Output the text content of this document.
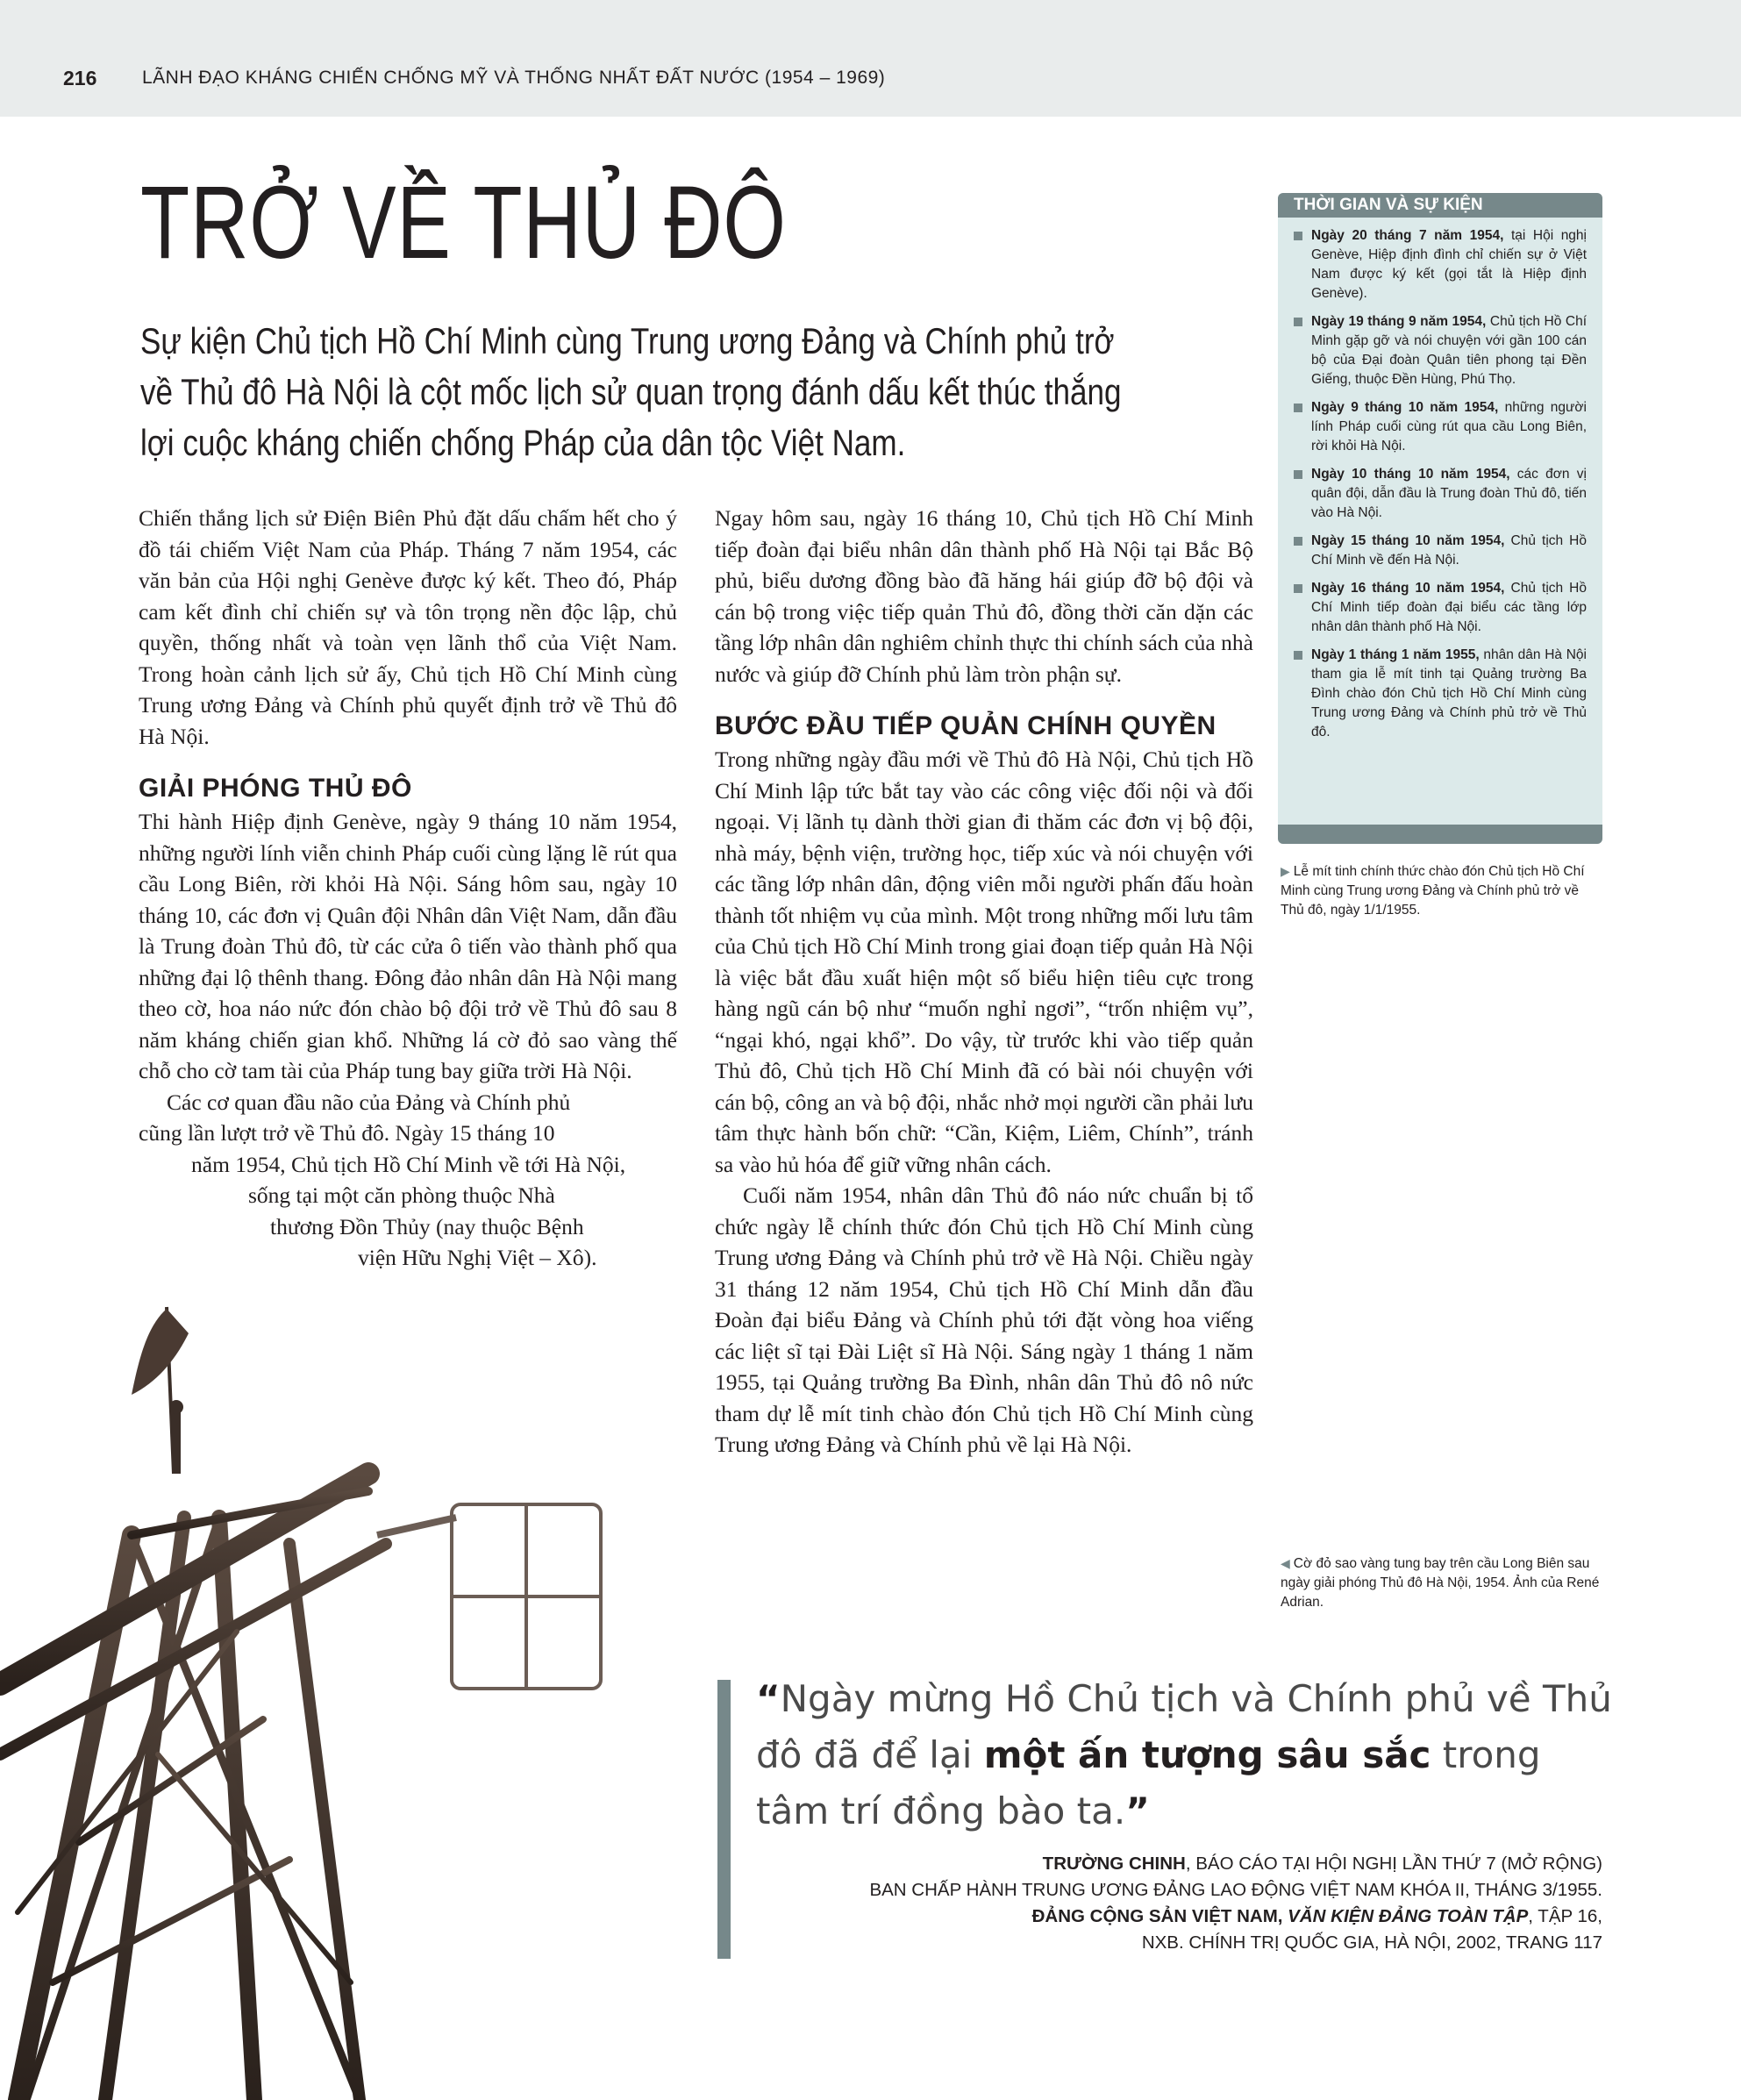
216 LÃNH ĐẠO KHÁNG CHIẾN CHỐNG MỸ VÀ THỐNG NHẤT ĐẤT NƯỚC (1954 – 1969)
TRỞ VỀ THỦ ĐÔ
Sự kiện Chủ tịch Hồ Chí Minh cùng Trung ương Đảng và Chính phủ trở về Thủ đô Hà Nội là cột mốc lịch sử quan trọng đánh dấu kết thúc thắng lợi cuộc kháng chiến chống Pháp của dân tộc Việt Nam.

Chiến thắng lịch sử Điện Biên Phủ đặt dấu chấm hết cho ý đồ tái chiếm Việt Nam của Pháp. Tháng 7 năm 1954, các văn bản của Hội nghị Genève được ký kết. Theo đó, Pháp cam kết đình chỉ chiến sự và tôn trọng nền độc lập, chủ quyền, thống nhất và toàn vẹn lãnh thổ của Việt Nam. Trong hoàn cảnh lịch sử ấy, Chủ tịch Hồ Chí Minh cùng Trung ương Đảng và Chính phủ quyết định trở về Thủ đô Hà Nội.

GIẢI PHÓNG THỦ ĐÔ

Thi hành Hiệp định Genève, ngày 9 tháng 10 năm 1954, những người lính viễn chinh Pháp cuối cùng lặng lẽ rút qua cầu Long Biên, rời khỏi Hà Nội. Sáng hôm sau, ngày 10 tháng 10, các đơn vị Quân đội Nhân dân Việt Nam, dẫn đầu là Trung đoàn Thủ đô, từ các cửa ô tiến vào thành phố qua những đại lộ thênh thang. Đông đảo nhân dân Hà Nội mang theo cờ, hoa náo nức đón chào bộ đội trở về Thủ đô sau 8 năm kháng chiến gian khổ. Những lá cờ đỏ sao vàng thế chỗ cho cờ tam tài của Pháp tung bay giữa trời Hà Nội.

Các cơ quan đầu não của Đảng và Chính phủ

cũng lần lượt trở về Thủ đô. Ngày 15 tháng 10

năm 1954, Chủ tịch Hồ Chí Minh về tới Hà Nội,

sống tại một căn phòng thuộc Nhà

thương Đồn Thủy (nay thuộc Bệnh

viện Hữu Nghị Việt – Xô).

Ngay hôm sau, ngày 16 tháng 10, Chủ tịch Hồ Chí Minh tiếp đoàn đại biểu nhân dân thành phố Hà Nội tại Bắc Bộ phủ, biểu dương đồng bào đã hăng hái giúp đỡ bộ đội và cán bộ trong việc tiếp quản Thủ đô, đồng thời căn dặn các tầng lớp nhân dân nghiêm chỉnh thực thi chính sách của nhà nước và giúp đỡ Chính phủ làm tròn phận sự.

BƯỚC ĐẦU TIẾP QUẢN CHÍNH QUYỀN

Trong những ngày đầu mới về Thủ đô Hà Nội, Chủ tịch Hồ Chí Minh lập tức bắt tay vào các công việc đối nội và đối ngoại. Vị lãnh tụ dành thời gian đi thăm các đơn vị bộ đội, nhà máy, bệnh viện, trường học, tiếp xúc và nói chuyện với các tầng lớp nhân dân, động viên mỗi người phấn đấu hoàn thành tốt nhiệm vụ của mình. Một trong những mối lưu tâm của Chủ tịch Hồ Chí Minh trong giai đoạn tiếp quản Hà Nội là việc bắt đầu xuất hiện một số biểu hiện tiêu cực trong hàng ngũ cán bộ như “muốn nghỉ ngơi”, “trốn nhiệm vụ”, “ngại khó, ngại khổ”. Do vậy, từ trước khi vào tiếp quản Thủ đô, Chủ tịch Hồ Chí Minh đã có bài nói chuyện với cán bộ, công an và bộ đội, nhắc nhở mọi người cần phải lưu tâm thực hành bốn chữ: “Cần, Kiệm, Liêm, Chính”, tránh sa vào hủ hóa để giữ vững nhân cách.

Cuối năm 1954, nhân dân Thủ đô náo nức chuẩn bị tổ chức ngày lễ chính thức đón Chủ tịch Hồ Chí Minh cùng Trung ương Đảng và Chính phủ trở về Hà Nội. Chiều ngày 31 tháng 12 năm 1954, Chủ tịch Hồ Chí Minh dẫn đầu Đoàn đại biểu Đảng và Chính phủ tới đặt vòng hoa viếng các liệt sĩ tại Đài Liệt sĩ Hà Nội. Sáng ngày 1 tháng 1 năm 1955, tại Quảng trường Ba Đình, nhân dân Thủ đô nô nức tham dự lễ mít tinh chào đón Chủ tịch Hồ Chí Minh cùng Trung ương Đảng và Chính phủ về lại Hà Nội.

THỜI GIAN VÀ SỰ KIỆN
Ngày 20 tháng 7 năm 1954, tại Hội nghị Genève, Hiệp định đình chỉ chiến sự ở Việt Nam được ký kết (gọi tắt là Hiệp định Genève).
Ngày 19 tháng 9 năm 1954, Chủ tịch Hồ Chí Minh gặp gỡ và nói chuyện với gần 100 cán bộ của Đại đoàn Quân tiên phong tại Đền Giếng, thuộc Đền Hùng, Phú Thọ.
Ngày 9 tháng 10 năm 1954, những người lính Pháp cuối cùng rút qua cầu Long Biên, rời khỏi Hà Nội.
Ngày 10 tháng 10 năm 1954, các đơn vị quân đội, dẫn đầu là Trung đoàn Thủ đô, tiến vào Hà Nội.
Ngày 15 tháng 10 năm 1954, Chủ tịch Hồ Chí Minh về đến Hà Nội.
Ngày 16 tháng 10 năm 1954, Chủ tịch Hồ Chí Minh tiếp đoàn đại biểu các tầng lớp nhân dân thành phố Hà Nội.
Ngày 1 tháng 1 năm 1955, nhân dân Hà Nội tham gia lễ mít tinh tại Quảng trường Ba Đình chào đón Chủ tịch Hồ Chí Minh cùng Trung ương Đảng và Chính phủ trở về Thủ đô.
▶ Lễ mít tinh chính thức chào đón Chủ tịch Hồ Chí Minh cùng Trung ương Đảng và Chính phủ trở về Thủ đô, ngày 1/1/1955.
◀ Cờ đỏ sao vàng tung bay trên cầu Long Biên sau ngày giải phóng Thủ đô Hà Nội, 1954. Ảnh của René Adrian.
“Ngày mừng Hồ Chủ tịch và Chính phủ về Thủ đô đã để lại một ấn tượng sâu sắc trong tâm trí đồng bào ta.”
TRƯỜNG CHINH, BÁO CÁO TẠI HỘI NGHỊ LẦN THỨ 7 (MỞ RỘNG)
BAN CHẤP HÀNH TRUNG ƯƠNG ĐẢNG LAO ĐỘNG VIỆT NAM KHÓA II, THÁNG 3/1955.
ĐẢNG CỘNG SẢN VIỆT NAM, VĂN KIỆN ĐẢNG TOÀN TẬP, TẬP 16,
NXB. CHÍNH TRỊ QUỐC GIA, HÀ NỘI, 2002, TRANG 117
